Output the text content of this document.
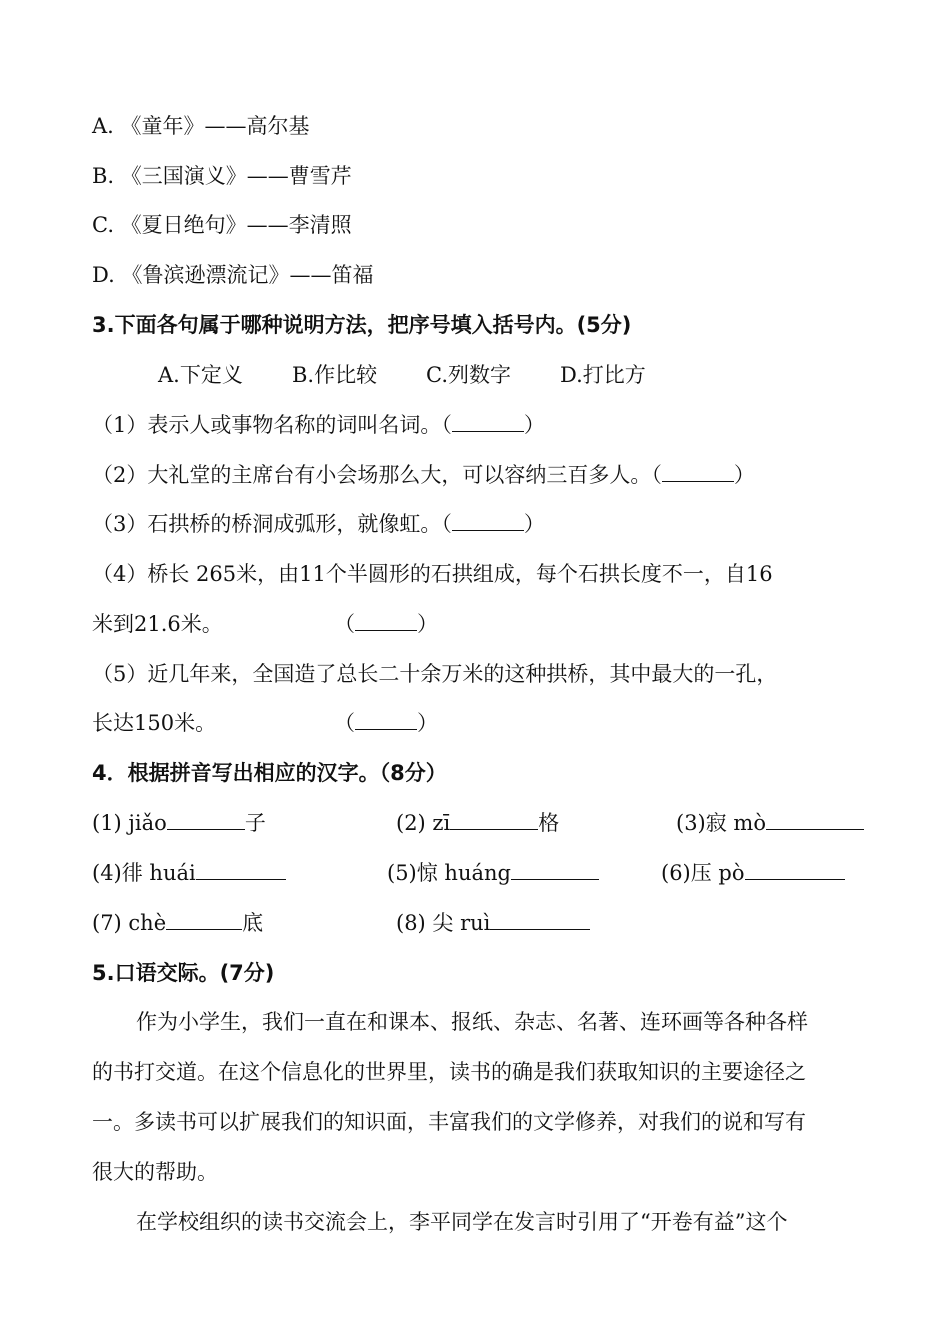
A. 《童年》——高尔基
B. 《三国演义》——曹雪芹
C. 《夏日绝句》——李清照
D. 《鲁滨逊漂流记》——笛福
3.下面各句属于哪种说明方法，把序号填入括号内。(5分)
A.下定义 B.作比较 C.列数字 D.打比方
（1）表示人或事物名称的词叫名词。（	）
（2）大礼堂的主席台有小会场那么大，可以容纳三百多人。（	）
（3）石拱桥的桥洞成弧形，就像虹。（	）
（4）桥长 265米，由11个半圆形的石拱组成，每个石拱长度不一，自16
米到21.6米。	（	）
（5）近几年来，全国造了总长二十余万米的这种拱桥，其中最大的一孔，
长达150米。	（	）
4．根据拼音写出相应的汉字。（8分）
(1) jiǎo	子	(2) zī	格	(3)寂 mò
(4)徘 huái	(5)惊 huáng	(6)压 pò
(7) chè	底	(8) 尖 ruì
5.口语交际。(7分)
作为小学生，我们一直在和课本、报纸、杂志、名著、连环画等各种各样
的书打交道。在这个信息化的世界里，读书的确是我们获取知识的主要途径之
一。多读书可以扩展我们的知识面，丰富我们的文学修养，对我们的说和写有
很大的帮助。
在学校组织的读书交流会上，李平同学在发言时引用了“开卷有益”这个
